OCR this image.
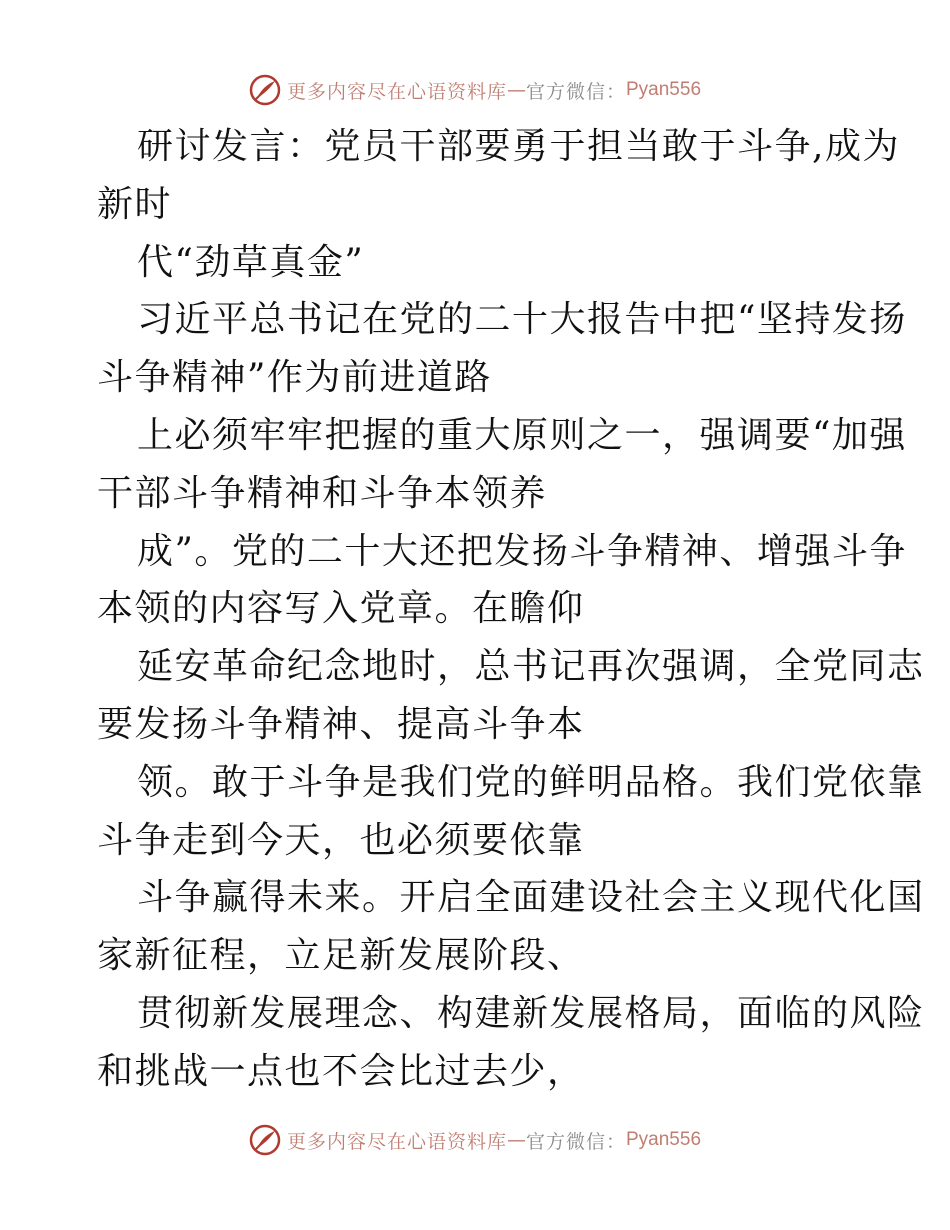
更多内容尽在心语资料库 — 官方微信： Pyan556
研讨发言：党员干部要勇于担当敢于斗争,成为
新时
代“劲草真金”
习近平总书记在党的二十大报告中把“坚持发扬
斗争精神”作为前进道路
上必须牢牢把握的重大原则之一，强调要“加强
干部斗争精神和斗争本领养
成”。党的二十大还把发扬斗争精神、增强斗争
本领的内容写入党章。在瞻仰
延安革命纪念地时，总书记再次强调，全党同志
要发扬斗争精神、提高斗争本
领。敢于斗争是我们党的鲜明品格。我们党依靠
斗争走到今天，也必须要依靠
斗争赢得未来。开启全面建设社会主义现代化国
家新征程，立足新发展阶段、
贯彻新发展理念、构建新发展格局，面临的风险
和挑战一点也不会比过去少，
更多内容尽在心语资料库 — 官方微信： Pyan556
